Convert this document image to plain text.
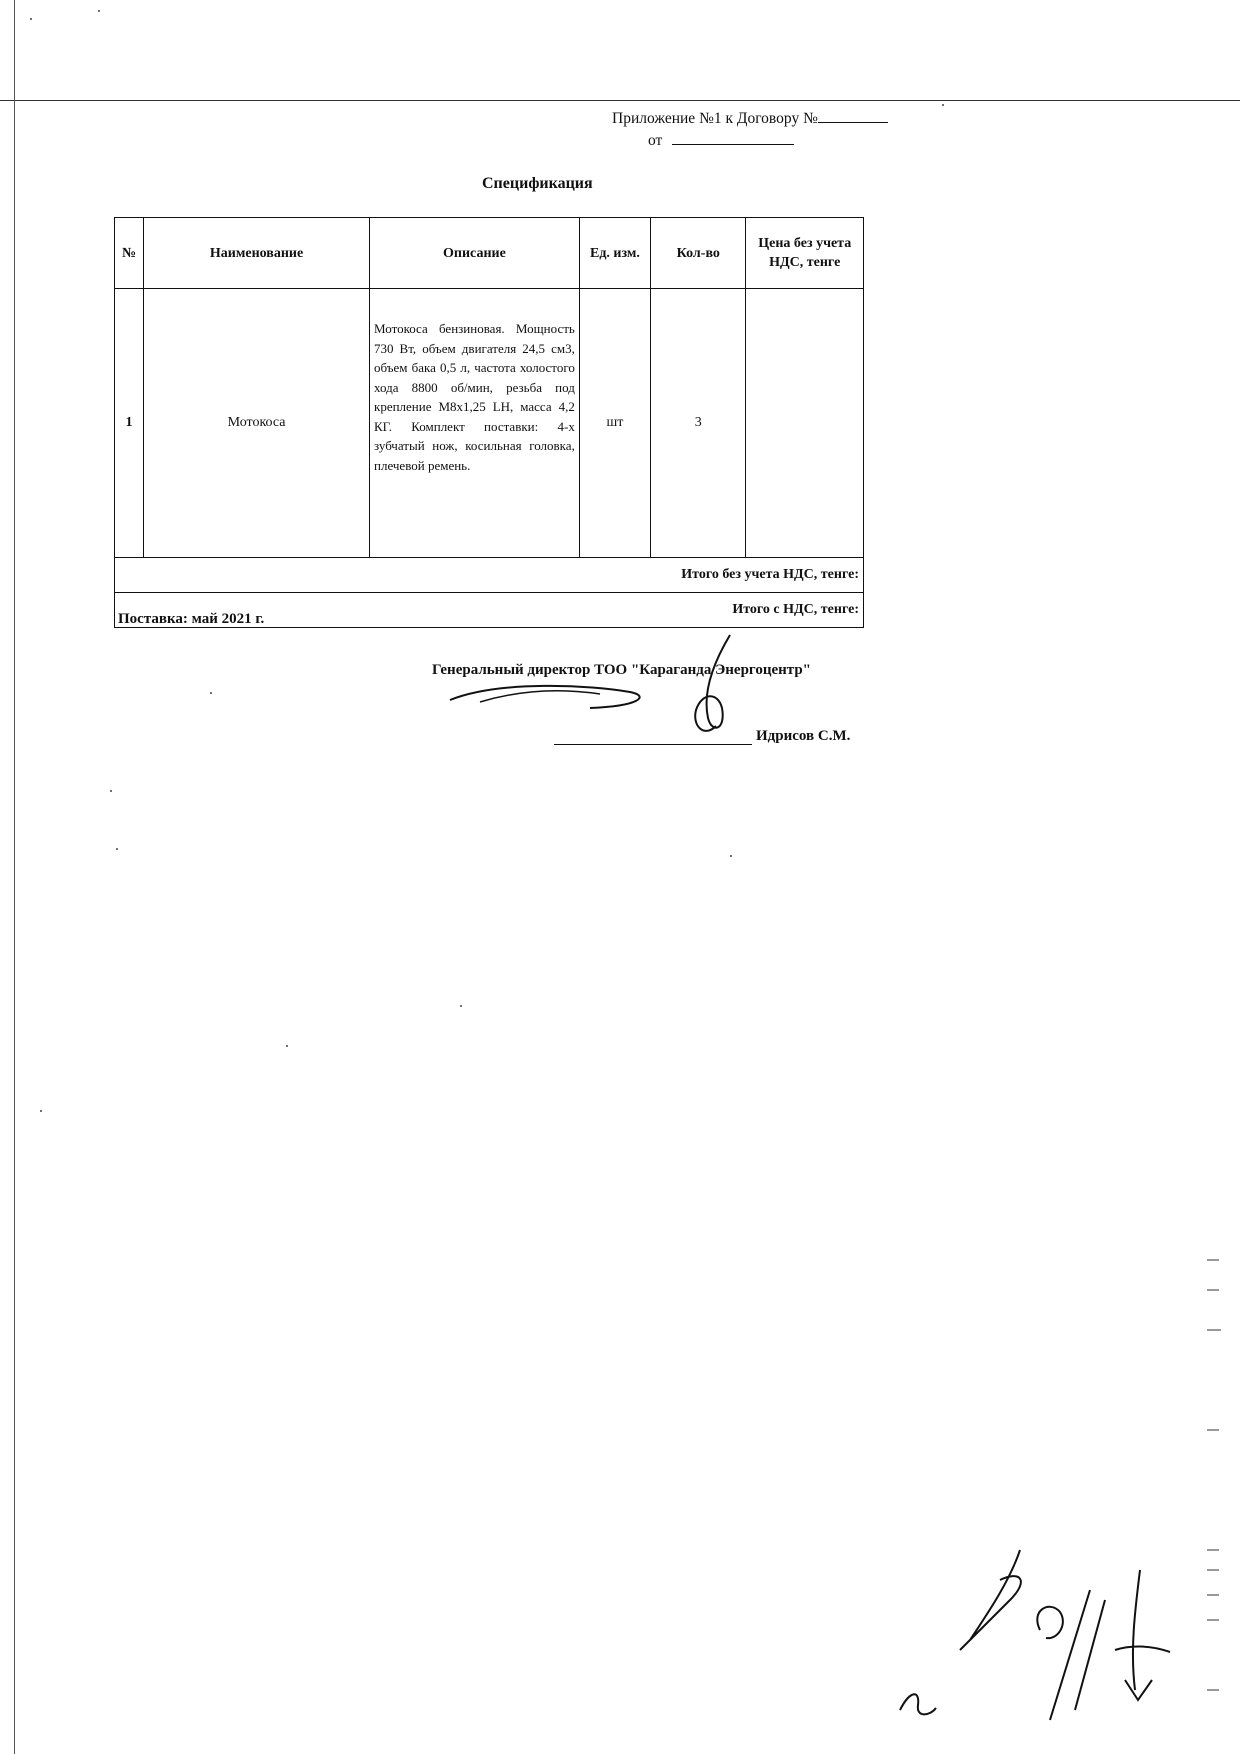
Приложение №1 к Договору №
от
Спецификация
№	Наименование	Описание	Ед. изм.	Кол-во	Цена без учета НДС, тенге
1	Мотокоса	Мотокоса бензиновая. Мощность 730 Вт, объем двигателя 24,5 см3, объем бака 0,5 л, частота холостого хода 8800 об/мин, резьба под крепление M8x1,25 LH, масса 4,2 КГ. Комплект поставки: 4-х зубчатый нож, косильная головка, плечевой ремень.	шт	3	
Итого без учета НДС, тенге:					
Итого с НДС, тенге:					
Поставка: май 2021 г.
Генеральный директор ТОО "Караганда Энергоцентр"
Идрисов С.М.
